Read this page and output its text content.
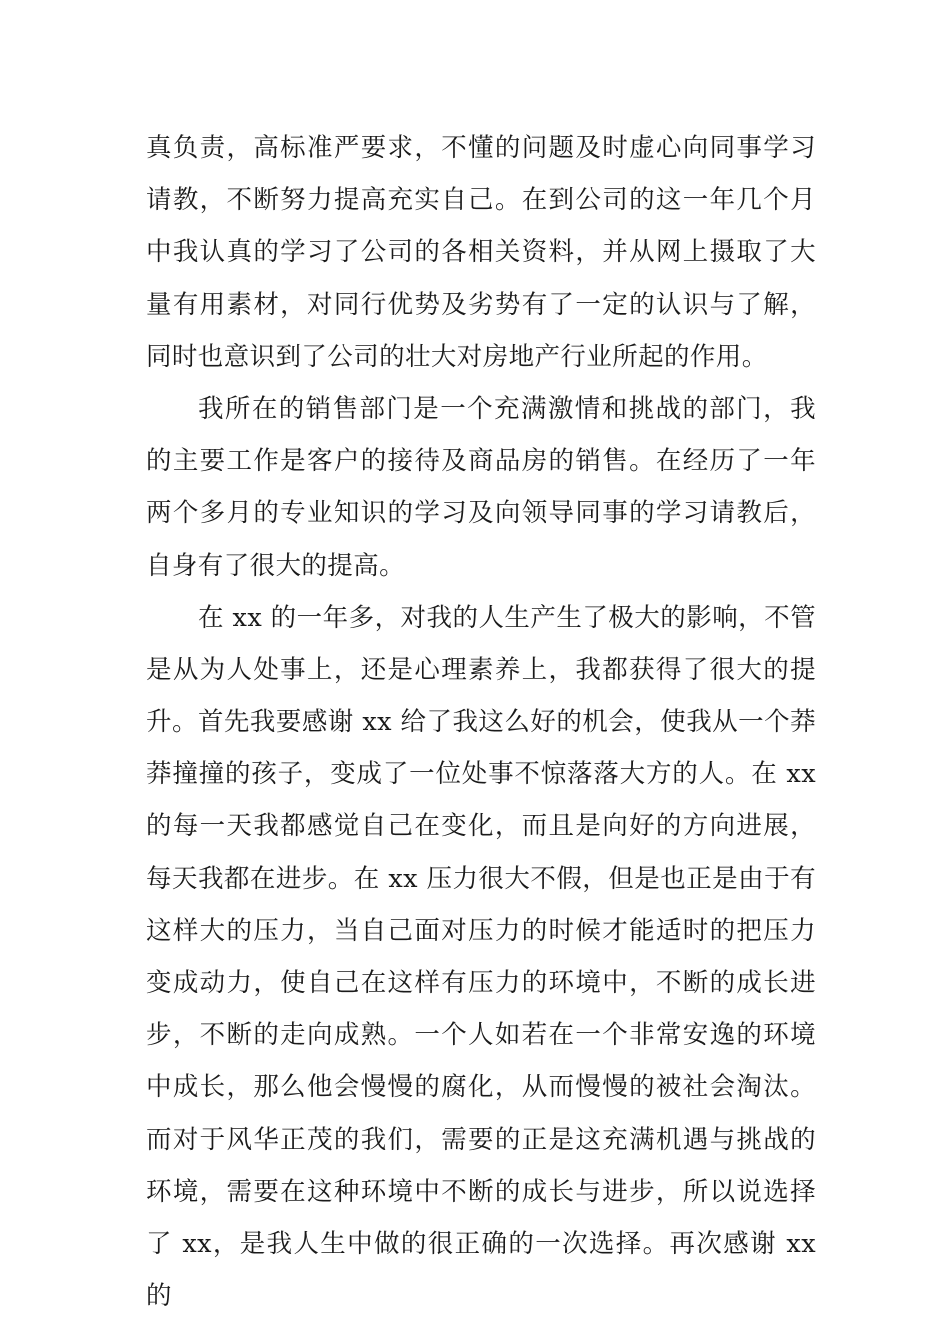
真负责，高标准严要求，不懂的问题及时虚心向同事学习
请教，不断努力提高充实自己。在到公司的这一年几个月
中我认真的学习了公司的各相关资料，并从网上摄取了大
量有用素材，对同行优势及劣势有了一定的认识与了解，
同时也意识到了公司的壮大对房地产行业所起的作用。
我所在的销售部门是一个充满激情和挑战的部门，我
的主要工作是客户的接待及商品房的销售。在经历了一年
两个多月的专业知识的学习及向领导同事的学习请教后，
自身有了很大的提高。
在 xx 的一年多，对我的人生产生了极大的影响，不管
是从为人处事上，还是心理素养上，我都获得了很大的提
升。首先我要感谢 xx 给了我这么好的机会，使我从一个莽
莽撞撞的孩子，变成了一位处事不惊落落大方的人。在 xx
的每一天我都感觉自己在变化，而且是向好的方向进展，
每天我都在进步。在 xx 压力很大不假，但是也正是由于有
这样大的压力，当自己面对压力的时候才能适时的把压力
变成动力，使自己在这样有压力的环境中，不断的成长进
步，不断的走向成熟。一个人如若在一个非常安逸的环境
中成长，那么他会慢慢的腐化，从而慢慢的被社会淘汰。
而对于风华正茂的我们，需要的正是这充满机遇与挑战的
环境，需要在这种环境中不断的成长与进步，所以说选择
了 xx，是我人生中做的很正确的一次选择。再次感谢 xx 的
